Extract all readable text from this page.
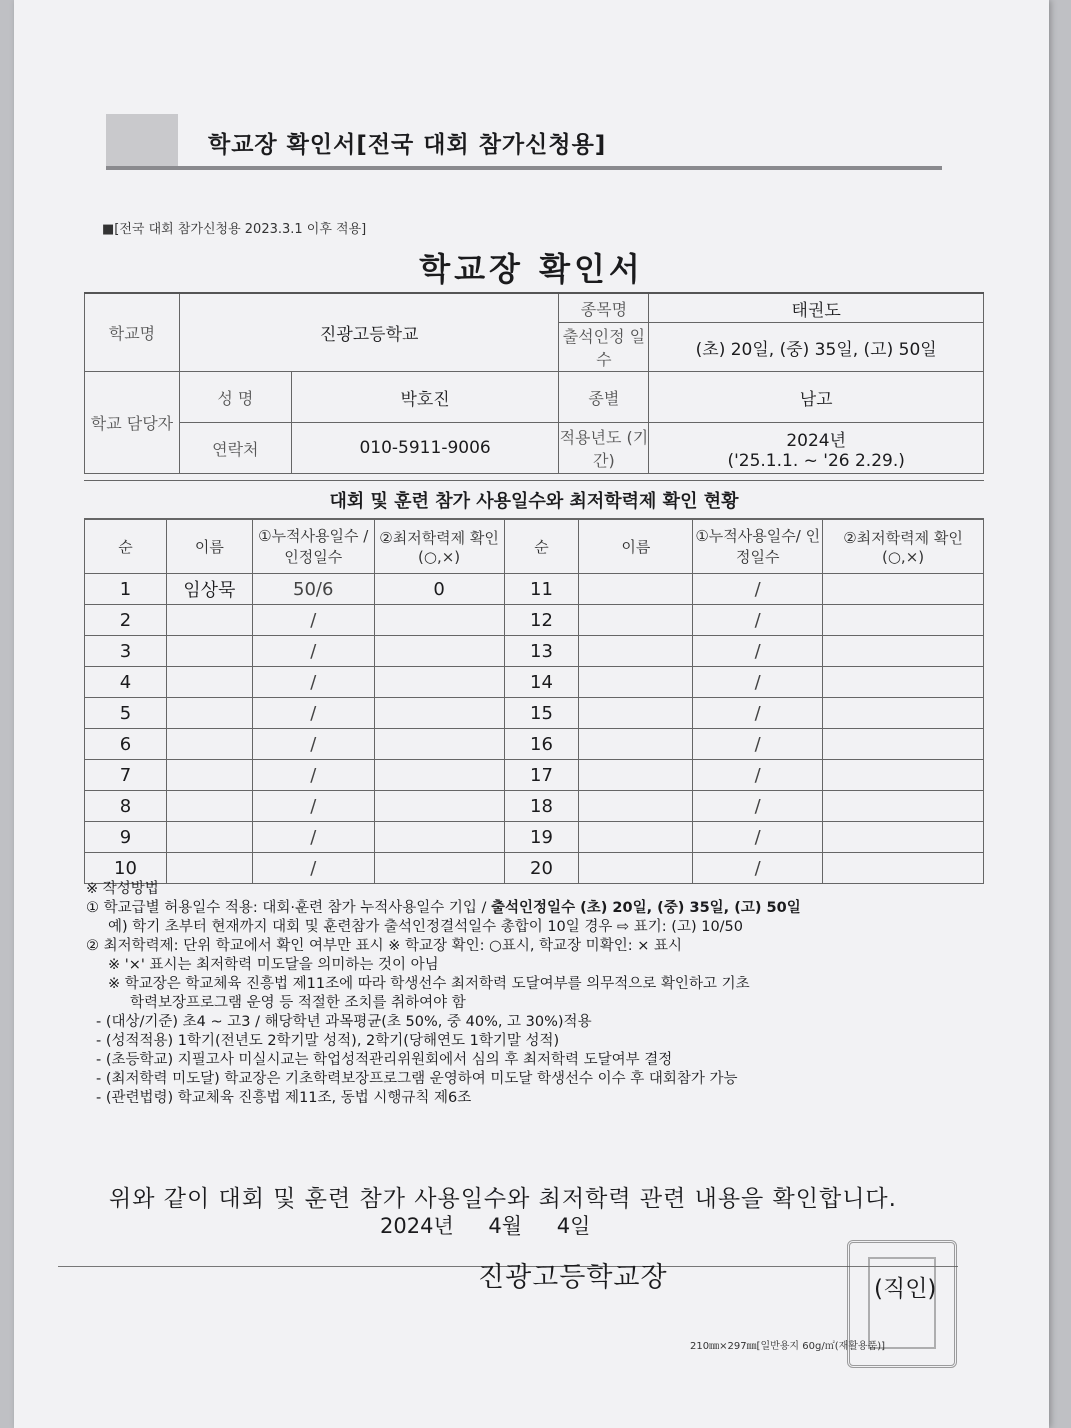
학교장 확인서[전국 대회 참가신청용]
■[전국 대회 참가신청용 2023.3.1 이후 적용]
학교장 확인서
학교명	진광고등학교		종목명	태권도
			출석인정 일수	(초) 20일, (중) 35일, (고) 50일
학교 담당자	성 명	박호진	종별	남고
	연락처	010-5911-9006	적용년도 (기간)	2024년
('25.1.1. ~ '26 2.29.)
대회 및 훈련 참가 사용일수와 최저학력제 확인 현황
순	이름	①누적사용일수 /인정일수	②최저학력제 확인(○,×)	순	이름	①누적사용일수/ 인정일수	②최저학력제 확인(○,×)
1	임상묵	50/6	0	11		/	
2		/		12		/	
3		/		13		/	
4		/		14		/	
5		/		15		/	
6		/		16		/	
7		/		17		/	
8		/		18		/	
9		/		19		/	
10		/		20		/	
※ 작성방법
① 학교급별 허용일수 적용: 대회·훈련 참가 누적사용일수 기입 / 출석인정일수 (초) 20일, (중) 35일, (고) 50일
예) 학기 초부터 현재까지 대회 및 훈련참가 출석인정결석일수 총합이 10일 경우 ⇨ 표기: (고) 10/50
② 최저학력제: 단위 학교에서 확인 여부만 표시 ※ 학교장 확인: ○표시, 학교장 미확인: × 표시
※ '×' 표시는 최저학력 미도달을 의미하는 것이 아님
※ 학교장은 학교체육 진흥법 제11조에 따라 학생선수 최저학력 도달여부를 의무적으로 확인하고 기초
학력보장프로그램 운영 등 적절한 조치를 취하여야 함
- (대상/기준) 초4 ~ 고3 / 해당학년 과목평균(초 50%, 중 40%, 고 30%)적용
- (성적적용) 1학기(전년도 2학기말 성적), 2학기(당해연도 1학기말 성적)
- (초등학교) 지필고사 미실시교는 학업성적관리위원회에서 심의 후 최저학력 도달여부 결정
- (최저학력 미도달) 학교장은 기초학력보장프로그램 운영하여 미도달 학생선수 이수 후 대회참가 가능
- (관련법령) 학교체육 진흥법 제11조, 동법 시행규칙 제6조
위와 같이 대회 및 훈련 참가 사용일수와 최저학력 관련 내용을 확인합니다.
2024년 4월 4일
진광고등학교장	(직인)
210㎜×297㎜[일반용지 60g/㎡(재활용품)]
